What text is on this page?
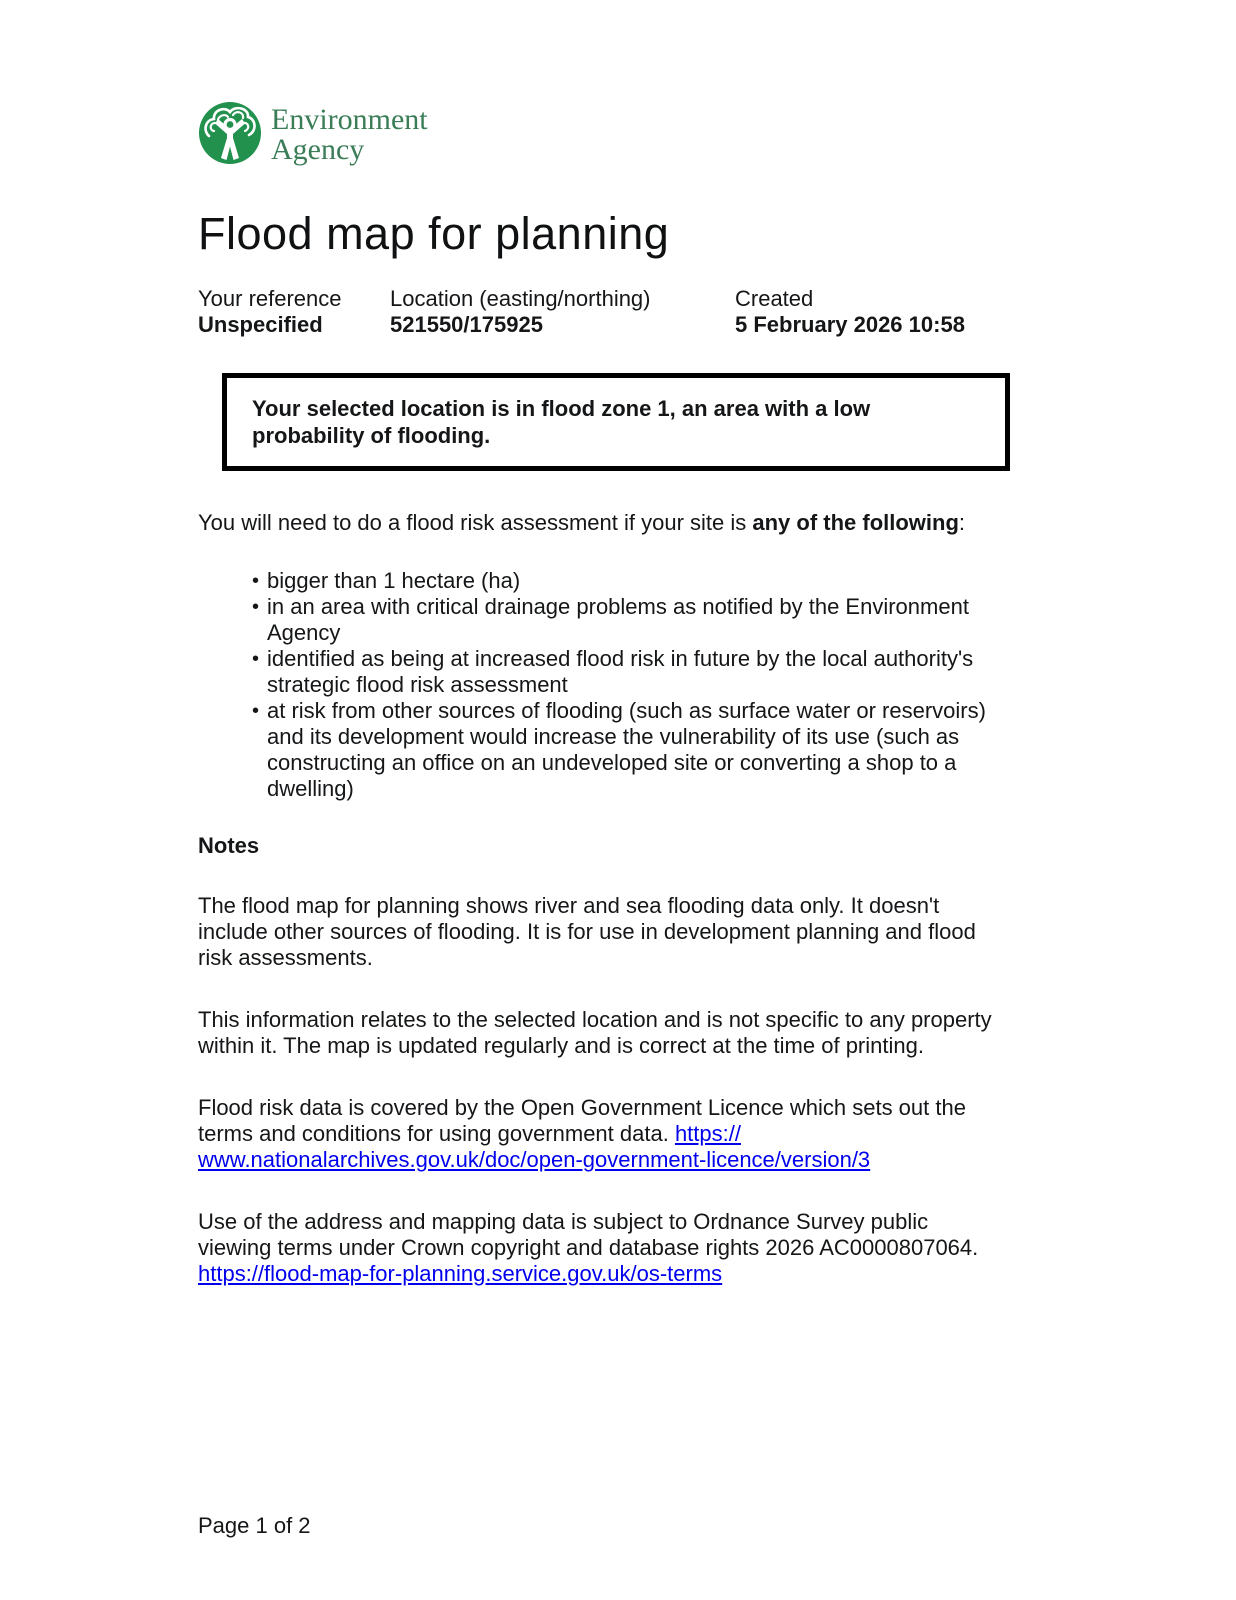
Environment
Agency
Flood map for planning
Your reference
Unspecified
Location (easting/northing)
521550/175925
Created
5 February 2026 10:58

Your selected location is in flood zone 1, an area with a low probability of flooding.

You will need to do a flood risk assessment if your site is any of the following:

• bigger than 1 hectare (ha)
• in an area with critical drainage problems as notified by the Environment Agency
• identified as being at increased flood risk in future by the local authority's strategic flood risk assessment
• at risk from other sources of flooding (such as surface water or reservoirs) and its development would increase the vulnerability of its use (such as constructing an office on an undeveloped site or converting a shop to a dwelling)
Notes

The flood map for planning shows river and sea flooding data only. It doesn't include other sources of flooding. It is for use in development planning and flood risk assessments.

This information relates to the selected location and is not specific to any property within it. The map is updated regularly and is correct at the time of printing.

Flood risk data is covered by the Open Government Licence which sets out the terms and conditions for using government data. https://
www.nationalarchives.gov.uk/doc/open-government-licence/version/3

Use of the address and mapping data is subject to Ordnance Survey public viewing terms under Crown copyright and database rights 2026 AC0000807064. https://flood-map-for-planning.service.gov.uk/os-terms

Page 1 of 2
